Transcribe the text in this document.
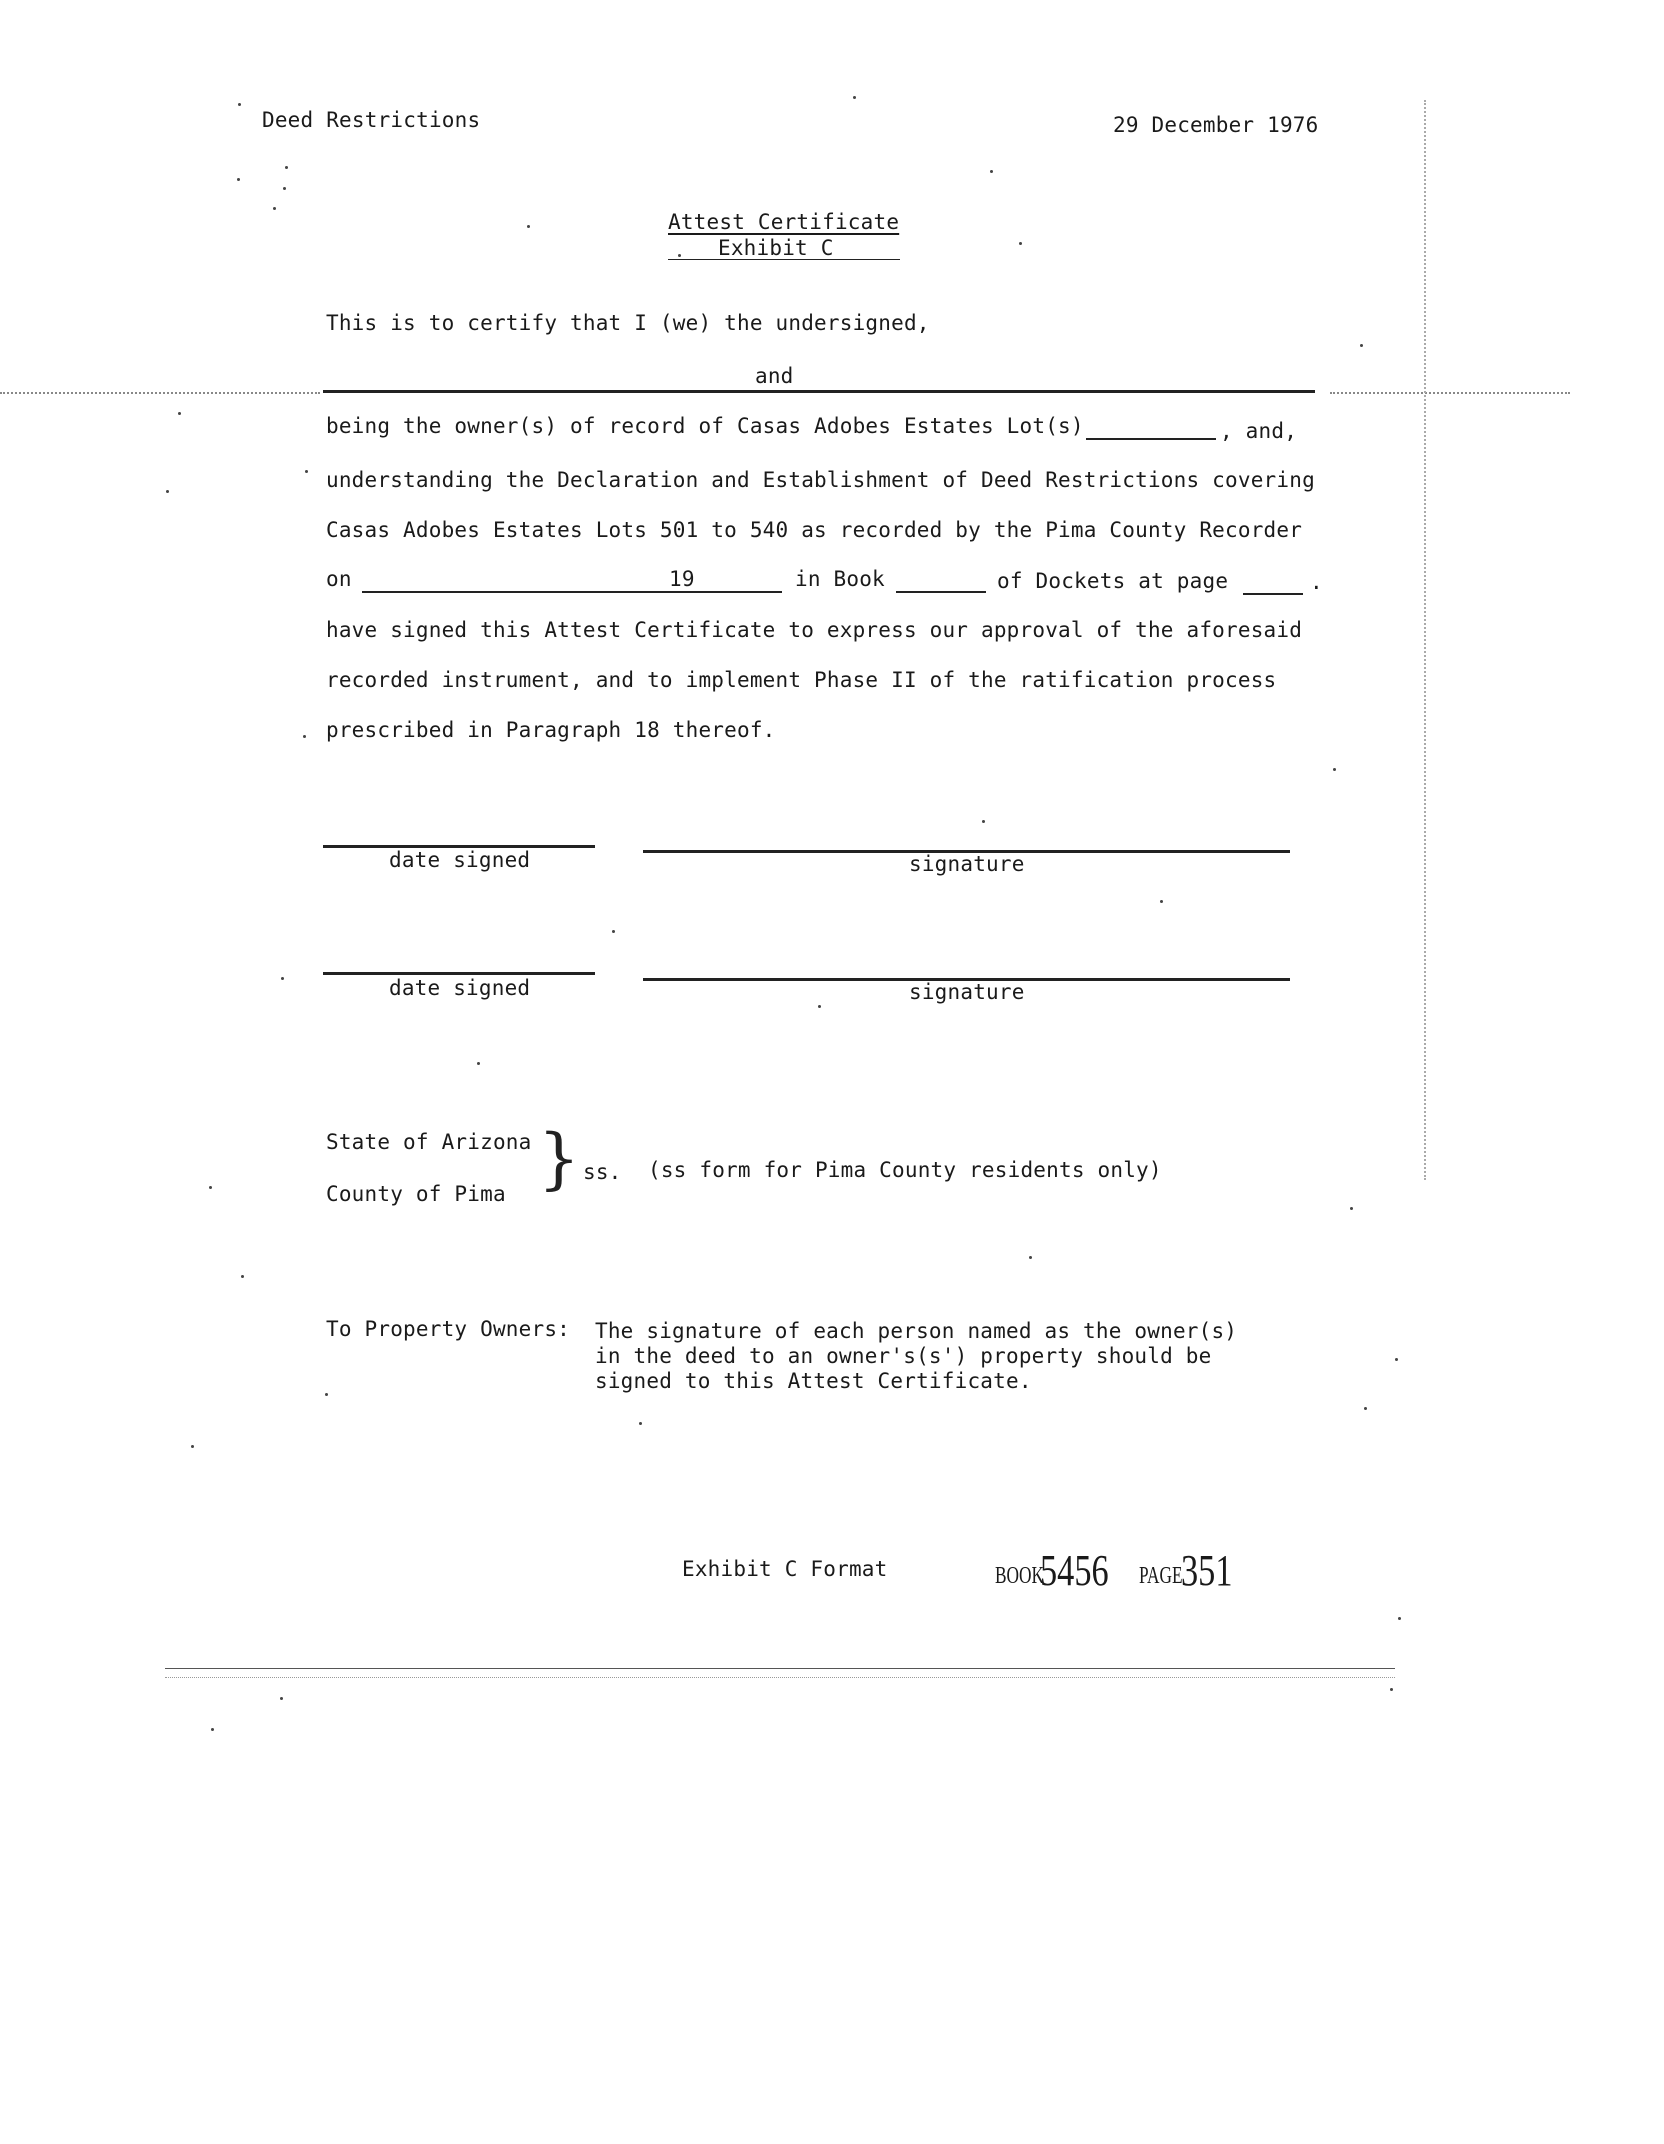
Deed Restrictions	29 December 1976
Attest Certificate
Exhibit C
This is to certify that I (we) the undersigned,
and
being the owner(s) of record of Casas Adobes Estates Lot(s)	, and,
understanding the Declaration and Establishment of Deed Restrictions covering
Casas Adobes Estates Lots 501 to 540 as recorded by the Pima County Recorder
on	19	in Book	of Dockets at page	.
have signed this Attest Certificate to express our approval of the aforesaid
recorded instrument, and to implement Phase II of the ratification process
prescribed in Paragraph 18 thereof.
date signed	signature
date signed	signature
State of Arizona
County of Pima } ss. (ss form for Pima County residents only)
To Property Owners: The signature of each person named as the owner(s)
in the deed to an owner's(s') property should be
signed to this Attest Certificate.
Exhibit C Format	BOOK
5456 PAGE
351
